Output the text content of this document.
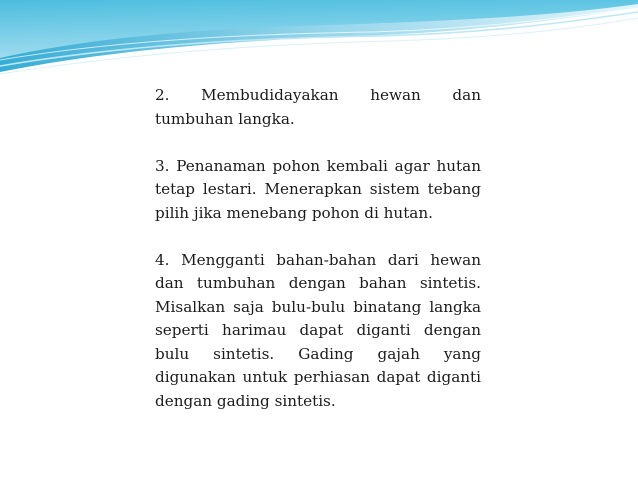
2. Membudidayakan hewan dan tumbuhan langka.

3. Penanaman pohon kembali agar hutan tetap lestari. Menerapkan sistem tebang pilih jika menebang pohon di hutan.

4. Mengganti bahan-bahan dari hewan dan tumbuhan dengan bahan sintetis. Misalkan saja bulu-bulu binatang langka seperti harimau dapat diganti dengan bulu sintetis. Gading gajah yang digunakan untuk perhiasan dapat diganti dengan gading sintetis.
